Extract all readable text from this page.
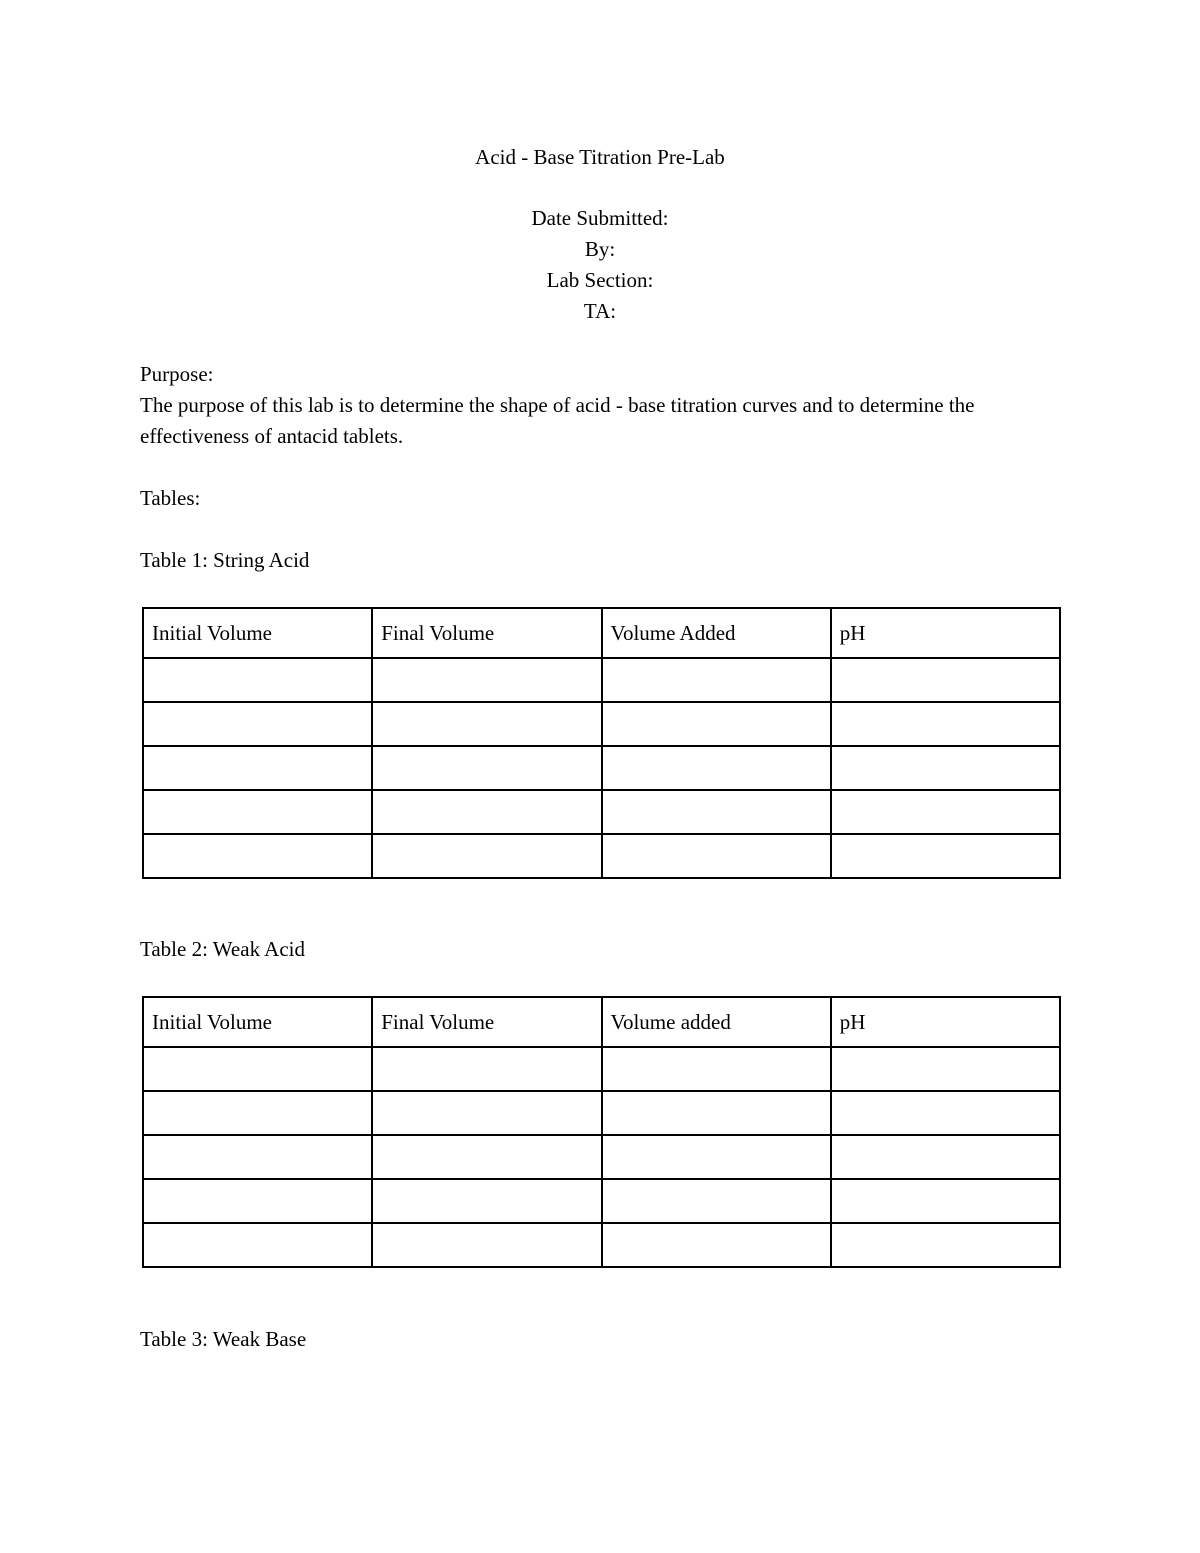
Acid - Base Titration Pre-Lab
Date Submitted:
By:
Lab Section:
TA:
Purpose:
The purpose of this lab is to determine the shape of acid - base titration curves and to determine the effectiveness of antacid tablets.
Tables:
Table 1: String Acid
Initial Volume	Final Volume	Volume Added	pH

Table 2: Weak Acid
Initial Volume	Final Volume	Volume added	pH

Table 3: Weak Base
